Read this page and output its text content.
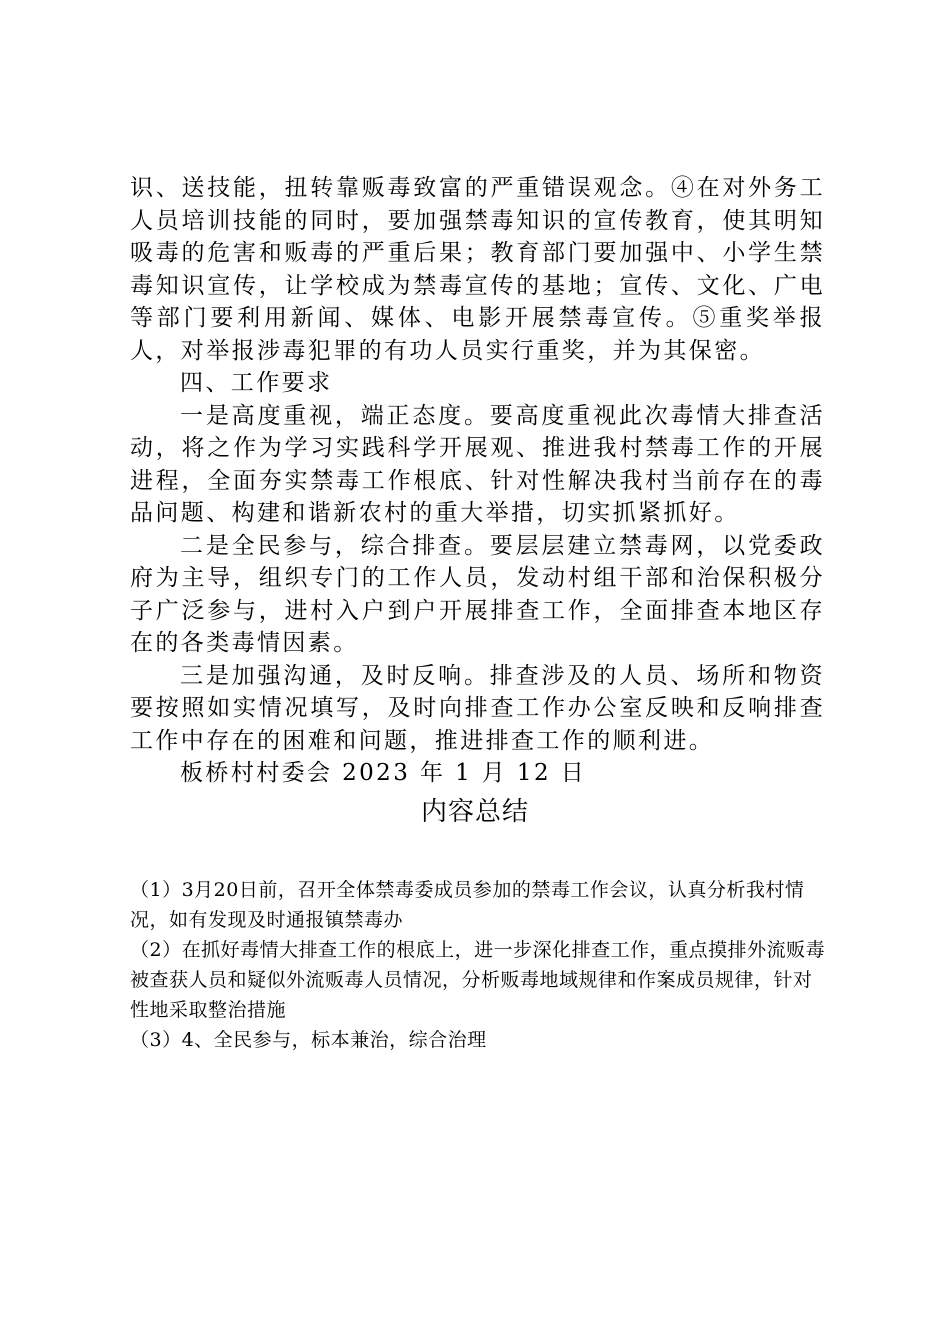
识、送技能，扭转靠贩毒致富的严重错误观念。④在对外务工人员培训技能的同时，要加强禁毒知识的宣传教育，使其明知吸毒的危害和贩毒的严重后果；教育部门要加强中、小学生禁毒知识宣传，让学校成为禁毒宣传的基地；宣传、文化、广电等部门要利用新闻、媒体、电影开展禁毒宣传。⑤重奖举报人，对举报涉毒犯罪的有功人员实行重奖，并为其保密。

四、工作要求

一是高度重视，端正态度。要高度重视此次毒情大排查活动，将之作为学习实践科学开展观、推进我村禁毒工作的开展进程，全面夯实禁毒工作根底、针对性解决我村当前存在的毒品问题、构建和谐新农村的重大举措，切实抓紧抓好。

二是全民参与，综合排查。要层层建立禁毒网，以党委政府为主导，组织专门的工作人员，发动村组干部和治保积极分子广泛参与，进村入户到户开展排查工作，全面排查本地区存在的各类毒情因素。

三是加强沟通，及时反响。排查涉及的人员、场所和物资要按照如实情况填写，及时向排查工作办公室反映和反响排查工作中存在的困难和问题，推进排查工作的顺利进。

板桥村村委会 2023 年 1 月 12 日

内容总结

（1）3月20日前，召开全体禁毒委成员参加的禁毒工作会议，认真分析我村情况，如有发现及时通报镇禁毒办

（2）在抓好毒情大排查工作的根底上，进一步深化排查工作，重点摸排外流贩毒被查获人员和疑似外流贩毒人员情况，分析贩毒地域规律和作案成员规律，针对性地采取整治措施

（3）4、全民参与，标本兼治，综合治理
